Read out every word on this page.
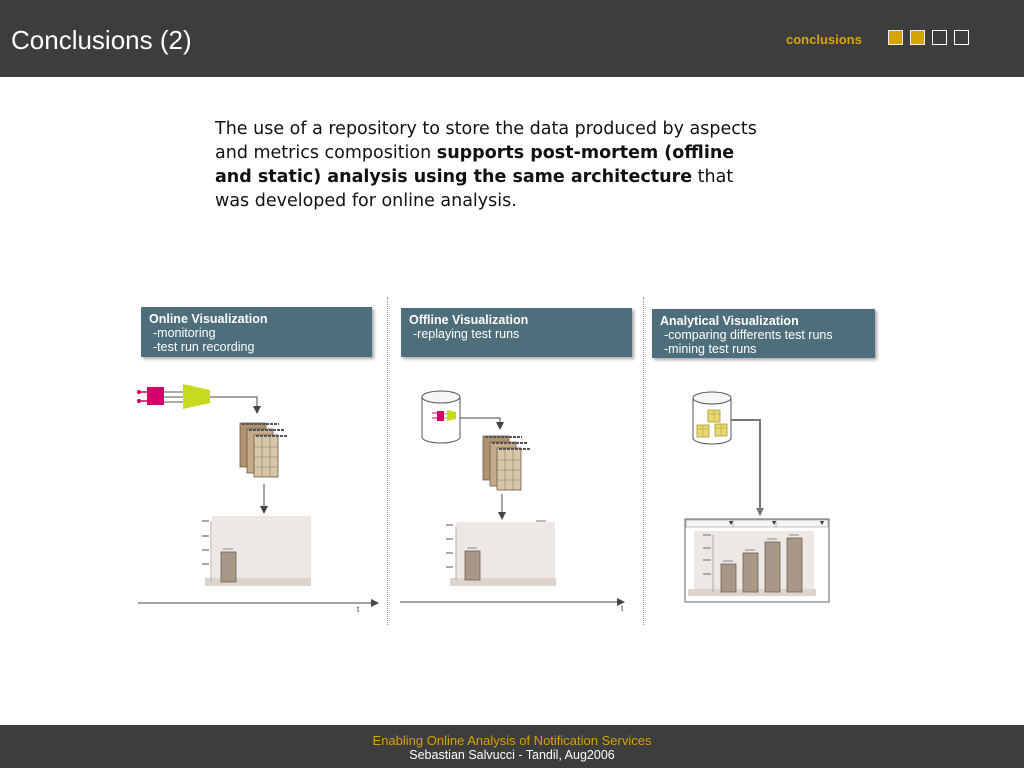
Conclusions (2)	conclusions
The use of a repository to store the data produced by aspects and metrics composition supports post-mortem (offline and static) analysis using the same architecture that was developed for online analysis.
t	t
Online Visualization
-monitoring
-test run recording
Offline Visualization
-replaying test runs
Analytical Visualization
-comparing differents test runs
-mining test runs
Enabling Online Analysis of Notification Services
Sebastian Salvucci - Tandil, Aug2006
